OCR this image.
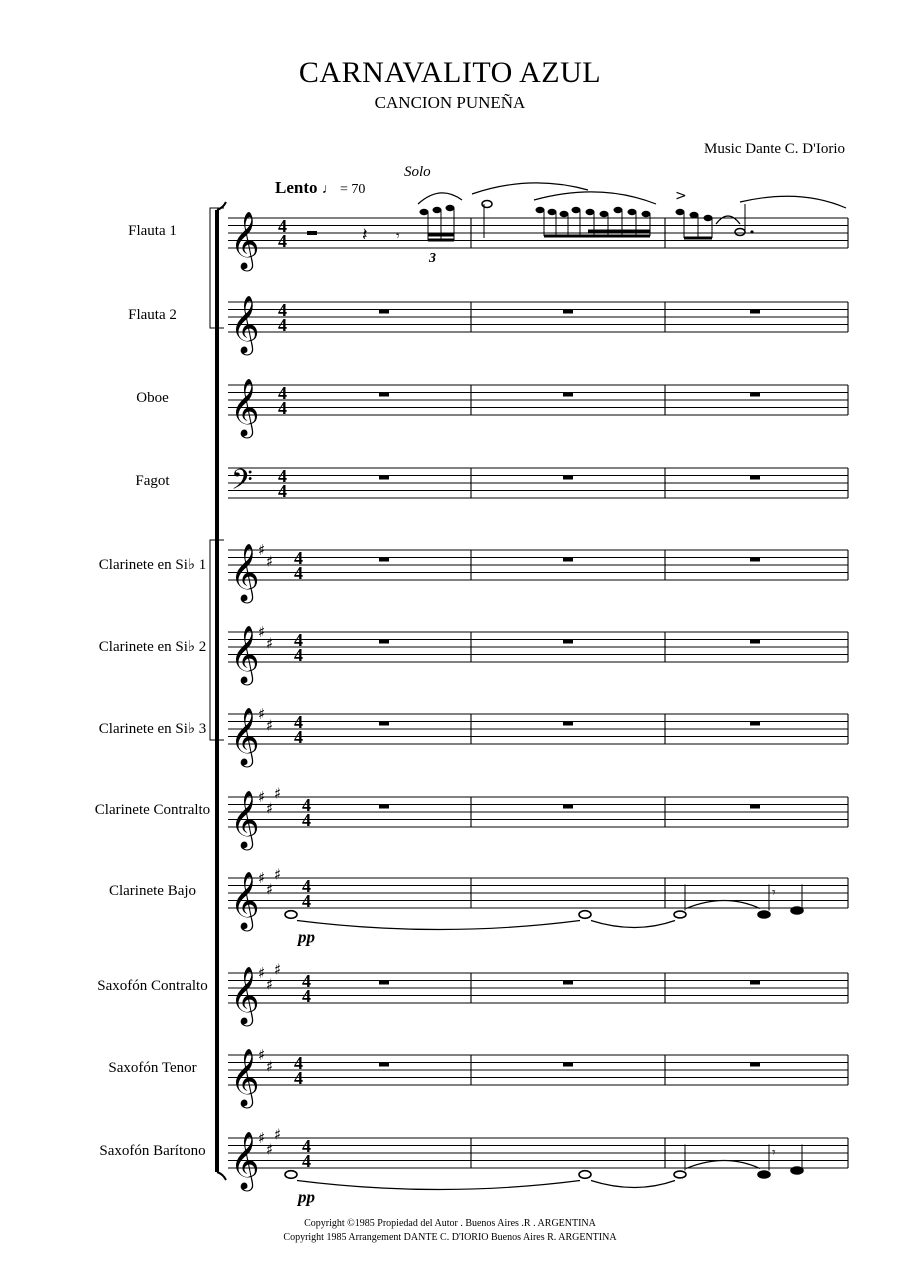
CARNAVALITO AZUL
CANCION PUNEÑA
Music Dante C. D'Iorio
Lento ♩ = 70
Solo
Flauta 1
Flauta 2
Oboe
Fagot
Clarinete en Si♭ 1
Clarinete en Si♭ 2
Clarinete en Si♭ 3
Clarinete Contralto
Clarinete Bajo
Saxofón Contralto
Saxofón Tenor
Saxofón Barítono
𝄞 4
4
𝄞 4
4
𝄞 4
4
𝄢 4
4
𝄞
♯
♯ 4
4
𝄞
♯
♯ 4
4
𝄞
♯
♯ 4
4
𝄞
♯
♯
♯
4
4
𝄞
♯
♯
♯
4
4
𝄞
♯
♯
♯
4
4
𝄞
♯
♯ 4
4
𝄞
♯
♯
♯
4
4
𝄽 𝄾
3
>
𝄾
pp
𝄾
pp
Copyright ©1985 Propiedad del Autor . Buenos Aires .R . ARGENTINA
Copyright 1985 Arrangement DANTE C. D'IORIO Buenos Aires R. ARGENTINA
